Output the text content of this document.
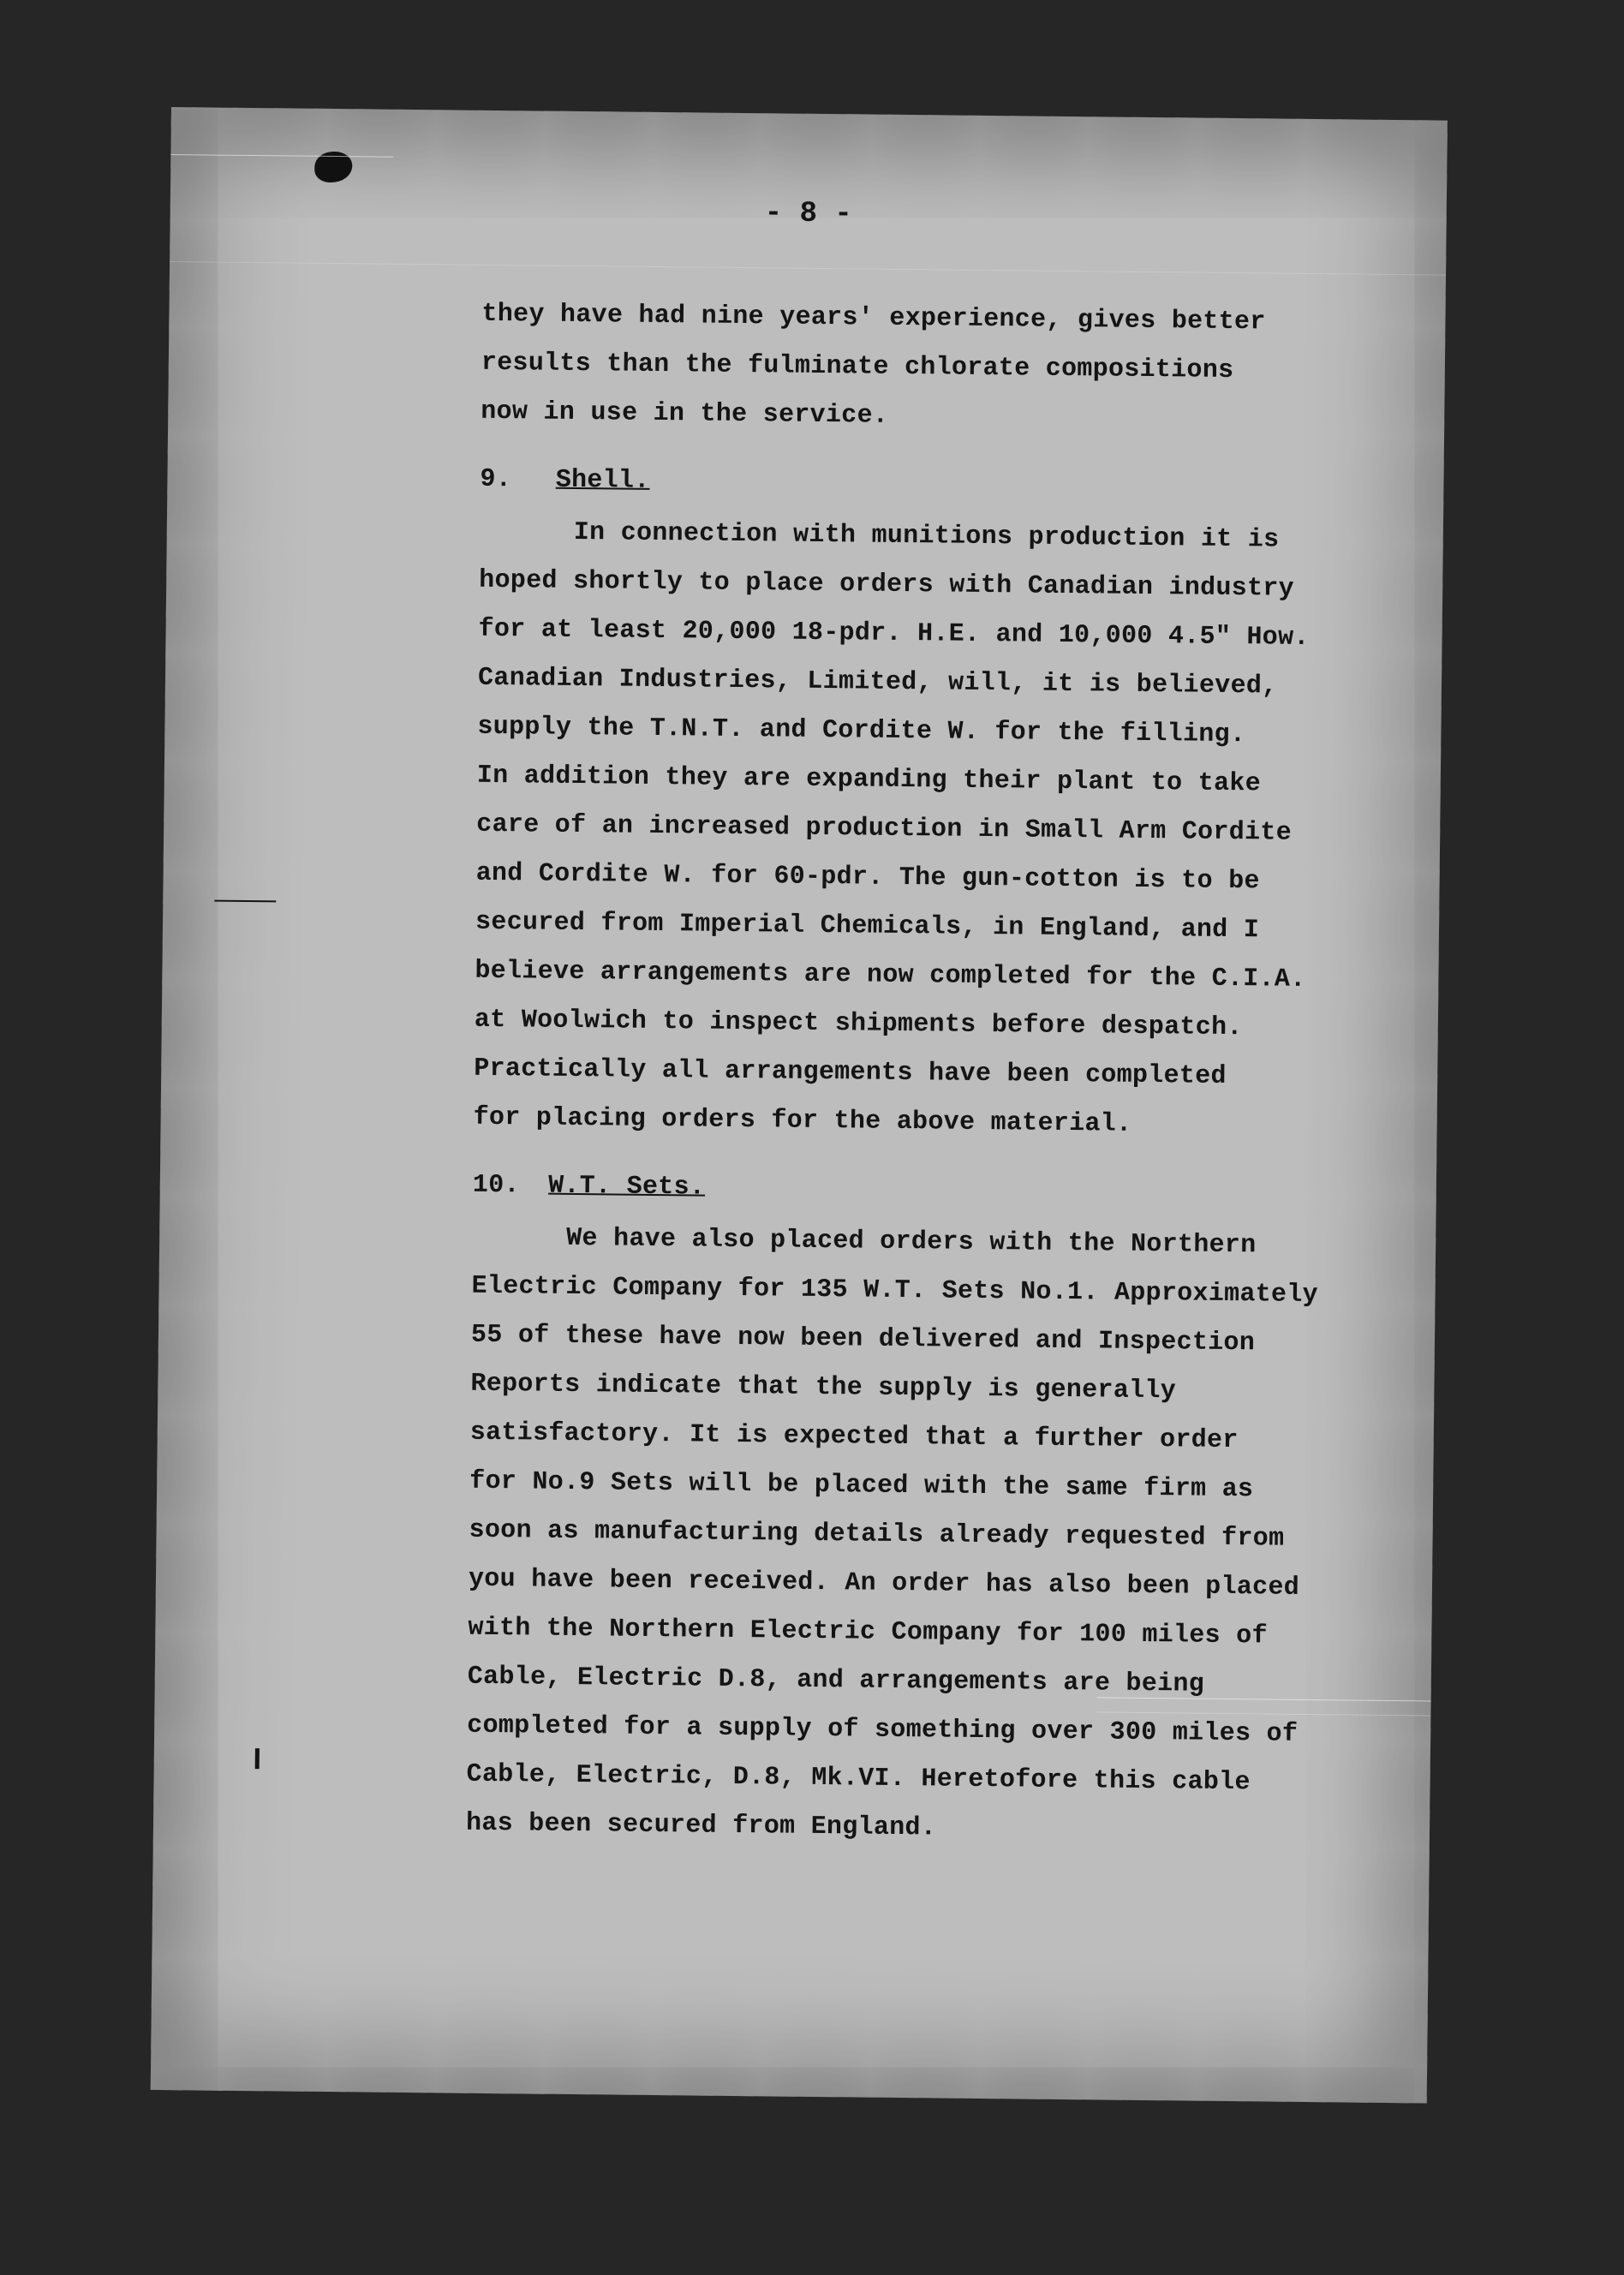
- 8 -

they have had nine years' experience, gives better
results than the fulminate chlorate compositions
now in use in the service.

9. Shell.

In connection with munitions production it is
hoped shortly to place orders with Canadian industry
for at least 20,000 18-pdr. H.E. and 10,000 4.5" How.
Canadian Industries, Limited, will, it is believed,
supply the T.N.T. and Cordite W. for the filling.
In addition they are expanding their plant to take
care of an increased production in Small Arm Cordite
and Cordite W. for 60-pdr. The gun-cotton is to be
secured from Imperial Chemicals, in England, and I
believe arrangements are now completed for the C.I.A.
at Woolwich to inspect shipments before despatch.
Practically all arrangements have been completed
for placing orders for the above material.

10. W.T. Sets.

We have also placed orders with the Northern
Electric Company for 135 W.T. Sets No.1. Approximately
55 of these have now been delivered and Inspection
Reports indicate that the supply is generally
satisfactory. It is expected that a further order
for No.9 Sets will be placed with the same firm as
soon as manufacturing details already requested from
you have been received. An order has also been placed
with the Northern Electric Company for 100 miles of
Cable, Electric D.8, and arrangements are being
completed for a supply of something over 300 miles of
Cable, Electric, D.8, Mk.VI. Heretofore this cable
has been secured from England.
